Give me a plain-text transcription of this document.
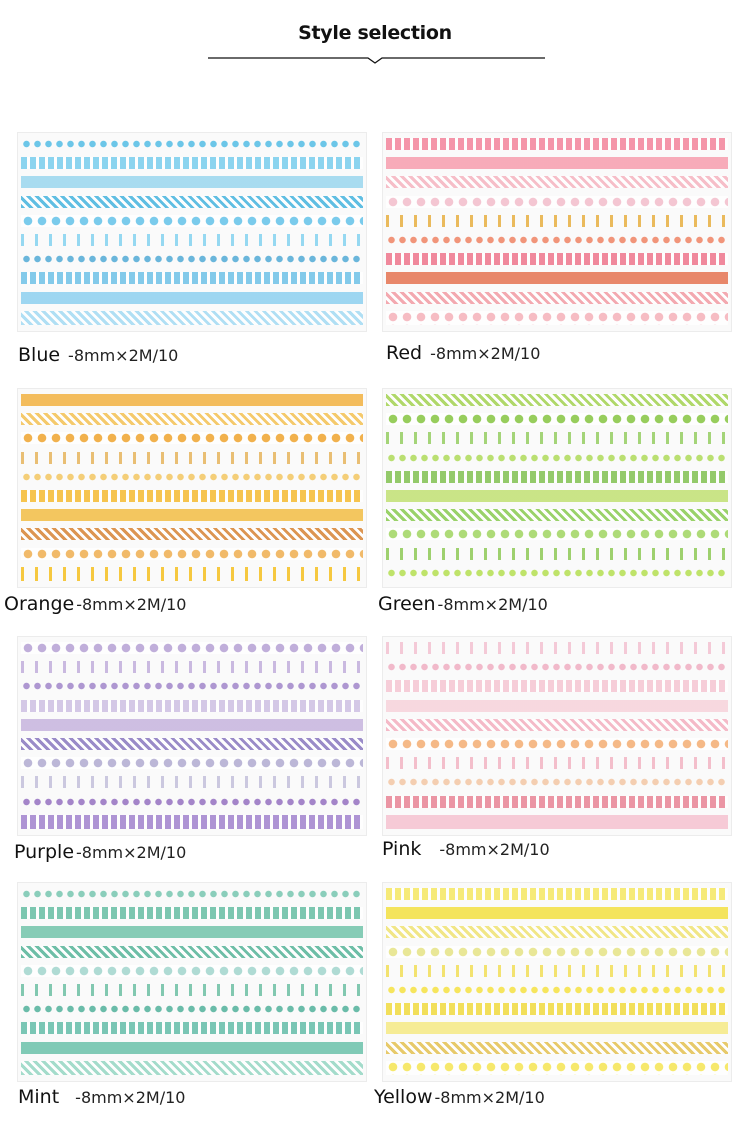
Style selection
Blue -8mm×2M/10	Red -8mm×2M/10
Orange -8mm×2M/10	Green -8mm×2M/10
Purple -8mm×2M/10	Pink -8mm×2M/10
Mint -8mm×2M/10	Yellow -8mm×2M/10
